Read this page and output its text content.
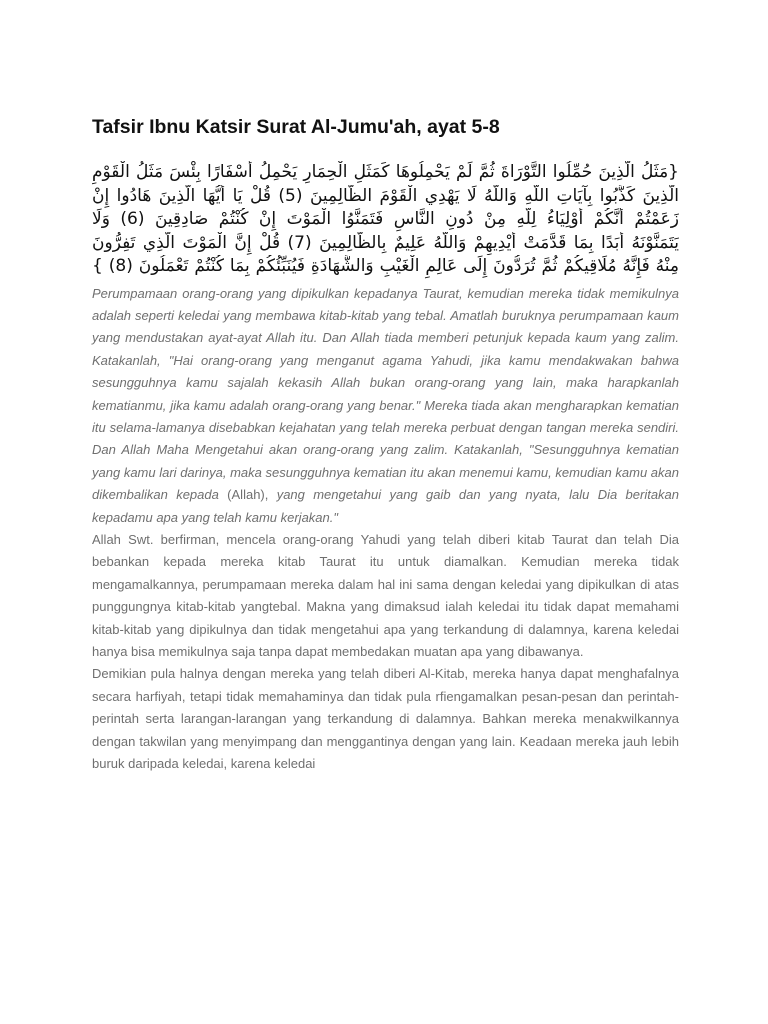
Tafsir Ibnu Katsir Surat Al-Jumu'ah, ayat 5-8
{مَثَلُ الَّذِينَ حُمِّلُوا التَّوْرَاةَ ثُمَّ لَمْ يَحْمِلُوهَا كَمَثَلِ الْحِمَارِ يَحْمِلُ أَسْفَارًا بِئْسَ مَثَلُ الْقَوْمِ
الَّذِينَ كَذَّبُوا بِآيَاتِ اللَّهِ وَاللَّهُ لَا يَهْدِي الْقَوْمَ الظَّالِمِينَ (5) قُلْ يَا أَيُّهَا الَّذِينَ هَادُوا إِنْ
زَعَمْتُمْ أَنَّكُمْ أَوْلِيَاءُ لِلَّهِ مِنْ دُونِ النَّاسِ فَتَمَنَّوُا الْمَوْتَ إِنْ كُنْتُمْ صَادِقِينَ (6) وَلَا
يَتَمَنَّوْنَهُ أَبَدًا بِمَا قَدَّمَتْ أَيْدِيهِمْ وَاللَّهُ عَلِيمٌ بِالظَّالِمِينَ (7) قُلْ إِنَّ الْمَوْتَ الَّذِي تَفِرُّونَ
مِنْهُ فَإِنَّهُ مُلَاقِيكُمْ ثُمَّ تُرَدُّونَ إِلَى عَالِمِ الْغَيْبِ وَالشَّهَادَةِ فَيُنَبِّئُكُمْ بِمَا كُنْتُمْ تَعْمَلُونَ (8) }

Perumpamaan orang-orang yang dipikulkan kepadanya Taurat, kemudian mereka tidak memikulnya adalah seperti keledai yang membawa kitab-kitab yang tebal. Amatlah buruknya perumpamaan kaum yang mendustakan ayat-ayat Allah itu. Dan Allah tiada memberi petunjuk kepada kaum yang zalim. Katakanlah, "Hai orang-orang yang menganut agama Yahudi, jika kamu mendakwakan bahwa sesungguhnya kamu sajalah kekasih Allah bukan orang-orang yang lain, maka harapkanlah kematianmu, jika kamu adalah orang-orang yang benar." Mereka tiada akan mengharapkan kematian itu selama-lamanya disebabkan kejahatan yang telah mereka perbuat dengan tangan mereka sendiri. Dan Allah Maha Mengetahui akan orang-orang yang zalim. Katakanlah, "Sesungguhnya kematian yang kamu lari darinya, maka sesungguhnya kematian itu akan menemui kamu, kemudian kamu akan dikembalikan kepada (Allah), yang mengetahui yang gaib dan yang nyata, lalu Dia beritakan kepadamu apa yang telah kamu kerjakan."

Allah Swt. berfirman, mencela orang-orang Yahudi yang telah diberi kitab Taurat dan telah Dia bebankan kepada mereka kitab Taurat itu untuk diamalkan. Kemudian mereka tidak mengamalkannya, perumpamaan mereka dalam hal ini sama dengan keledai yang dipikulkan di atas punggungnya kitab-kitab yangtebal. Makna yang dimaksud ialah keledai itu tidak dapat memahami kitab-kitab yang dipikulnya dan tidak mengetahui apa yang terkandung di dalamnya, karena keledai hanya bisa memikulnya saja tanpa dapat membedakan muatan apa yang dibawanya.

Demikian pula halnya dengan mereka yang telah diberi Al-Kitab, mereka hanya dapat menghafalnya secara harfiyah, tetapi tidak memahaminya dan tidak pula rfiengamalkan pesan-pesan dan perintah-perintah serta larangan-larangan yang terkandung di dalamnya. Bahkan mereka menakwilkannya dengan takwilan yang menyimpang dan menggantinya dengan yang lain. Keadaan mereka jauh lebih buruk daripada keledai, karena keledai
